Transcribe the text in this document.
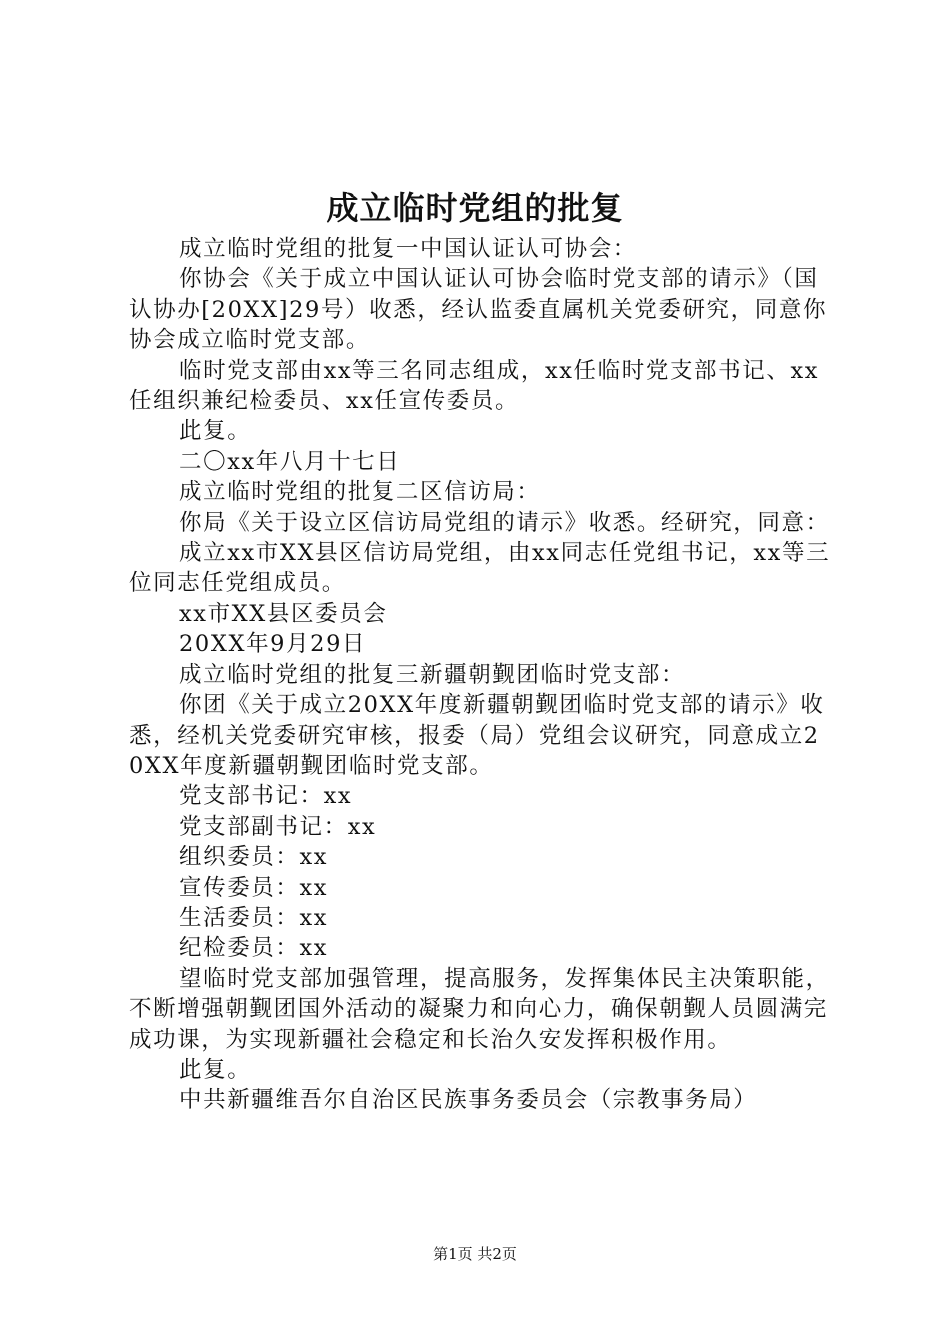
成立临时党组的批复

成立临时党组的批复一中国认证认可协会：

你协会《关于成立中国认证认可协会临时党支部的请示》（国认协办[20XX]29号）收悉，经认监委直属机关党委研究，同意你协会成立临时党支部。

临时党支部由xx等三名同志组成，xx任临时党支部书记、xx任组织兼纪检委员、xx任宣传委员。

此复。

二〇xx年八月十七日

成立临时党组的批复二区信访局：

你局《关于设立区信访局党组的请示》收悉。经研究，同意：

成立xx市XX县区信访局党组，由xx同志任党组书记，xx等三位同志任党组成员。

xx市XX县区委员会

20XX年9月29日

成立临时党组的批复三新疆朝觐团临时党支部：

你团《关于成立20XX年度新疆朝觐团临时党支部的请示》收悉，经机关党委研究审核，报委（局）党组会议研究，同意成立20XX年度新疆朝觐团临时党支部。

党支部书记：xx

党支部副书记：xx

组织委员：xx

宣传委员：xx

生活委员：xx

纪检委员：xx

望临时党支部加强管理，提高服务，发挥集体民主决策职能，不断增强朝觐团国外活动的凝聚力和向心力，确保朝觐人员圆满完成功课，为实现新疆社会稳定和长治久安发挥积极作用。

此复。

中共新疆维吾尔自治区民族事务委员会（宗教事务局）

第1页 共2页
